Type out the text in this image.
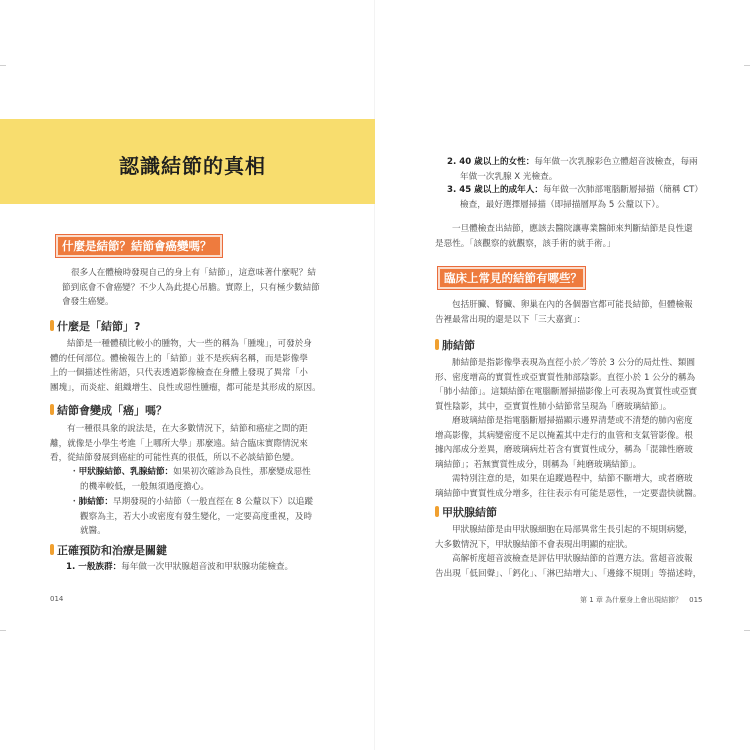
認識結節的真相
什麼是結節？結節會癌變嗎？

很多人在體檢時發現自己的身上有「結節」，這意味著什麼呢？結

節到底會不會癌變？不少人為此提心吊膽。實際上，只有極少數結節

會發生癌變。

什麼是「結節」?

結節是一種體積比較小的腫物，大一些的稱為「腫塊」，可發於身

體的任何部位。體檢報告上的「結節」並不是疾病名稱，而是影像學

上的一個描述性術語，只代表透過影像檢查在身體上發現了異常「小

團塊」，而炎症、組織增生、良性或惡性腫瘤，都可能是其形成的原因。

結節會變成「癌」嗎？

有一種很具象的說法是，在大多數情況下，結節和癌症之間的距

離，就像是小學生考進「上哪所大學」那麼遠。結合臨床實際情況來

看，從結節發展到癌症的可能性真的很低，所以不必談結節色變。

・甲狀腺結節、乳腺結節：如果初次確診為良性，那麼變成惡性

的機率較低，一般無須過度擔心。

・肺結節：早期發現的小結節（一般直徑在 8 公釐以下）以追蹤

觀察為主，若大小或密度有發生變化，一定要高度重視，及時

就醫。

正確預防和治療是關鍵

1. 一般族群：每年做一次甲狀腺超音波和甲狀腺功能檢查。

014

2. 40 歲以上的女性：每年做一次乳腺彩色立體超音波檢查，每兩

年做一次乳腺 X 光檢查。

3. 45 歲以上的成年人：每年做一次肺部電腦斷層掃描（簡稱 CT）

檢查，最好選擇層掃描（即掃描層厚為 5 公釐以下）。

一旦體檢查出結節，應該去醫院讓專業醫師來判斷結節是良性還

是惡性。「該觀察的就觀察，該手術的就手術。」

臨床上常見的結節有哪些？

包括肝臟、腎臟、卵巢在內的各個器官都可能長結節，但體檢報

告裡最常出現的還是以下「三大嘉賓」：

肺結節

肺結節是指影像學表現為直徑小於／等於 3 公分的局灶性、類圓

形、密度增高的實質性或亞實質性肺部陰影。直徑小於 1 公分的稱為

「肺小結節」。這類結節在電腦斷層掃描影像上可表現為實質性或亞實

質性陰影，其中，亞實質性肺小結節常呈現為「磨玻璃結節」。

磨玻璃結節是指電腦斷層掃描顯示邊界清楚或不清楚的肺內密度

增高影像，其病變密度不足以掩蓋其中走行的血管和支氣管影像。根

據內部成分差異，磨玻璃病灶若含有實質性成分，稱為「混雜性磨玻

璃結節」；若無實質性成分，則稱為「純磨玻璃結節」。

需特別注意的是，如果在追蹤過程中，結節不斷增大，或者磨玻

璃結節中實質性成分增多，往往表示有可能是惡性，一定要盡快就醫。

甲狀腺結節

甲狀腺結節是由甲狀腺細胞在局部異常生長引起的不規則病變，

大多數情況下，甲狀腺結節不會表現出明顯的症狀。

高解析度超音波檢查是評估甲狀腺結節的首選方法。當超音波報

告出現「低回聲」、「鈣化」、「淋巴結增大」、「邊緣不規則」等描述時，

第 1 章 為什麼身上會出現結節？　015
